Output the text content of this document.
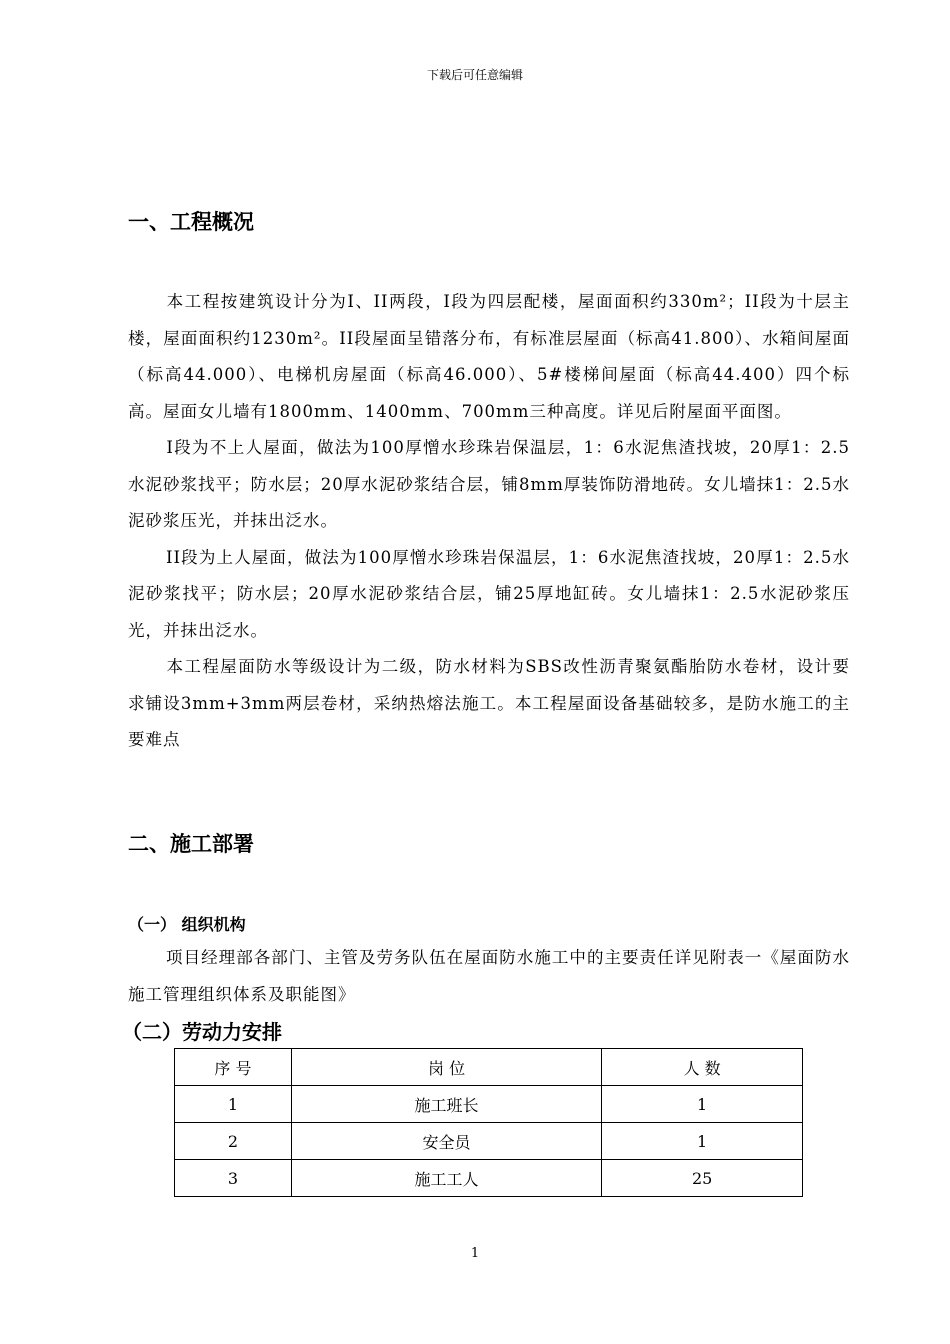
下载后可任意编辑
一、工程概况
本工程按建筑设计分为Ⅰ、II两段，Ⅰ段为四层配楼，屋面面积约330m²；II段为十层主楼，屋面面积约1230m²。II段屋面呈错落分布，有标准层屋面（标高41.800）、水箱间屋面（标高44.000）、电梯机房屋面（标高46.000）、5#楼梯间屋面（标高44.400）四个标高。屋面女儿墙有1800mm、1400mm、700mm三种高度。详见后附屋面平面图。
Ⅰ段为不上人屋面，做法为100厚憎水珍珠岩保温层，1：6水泥焦渣找坡，20厚1：2.5水泥砂浆找平；防水层；20厚水泥砂浆结合层，铺8mm厚装饰防滑地砖。女儿墙抹1：2.5水泥砂浆压光，并抹出泛水。
II段为上人屋面，做法为100厚憎水珍珠岩保温层，1：6水泥焦渣找坡，20厚1：2.5水泥砂浆找平；防水层；20厚水泥砂浆结合层，铺25厚地缸砖。女儿墙抹1：2.5水泥砂浆压光，并抹出泛水。
本工程屋面防水等级设计为二级，防水材料为SBS改性沥青聚氨酯胎防水卷材，设计要求铺设3mm+3mm两层卷材，采纳热熔法施工。本工程屋面设备基础较多，是防水施工的主要难点
二、施工部署
（一） 组织机构
项目经理部各部门、主管及劳务队伍在屋面防水施工中的主要责任详见附表一《屋面防水施工管理组织体系及职能图》
（二）劳动力安排
序 号	岗 位	人 数
1	施工班长	1
2	安全员	1
3	施工工人	25
1
